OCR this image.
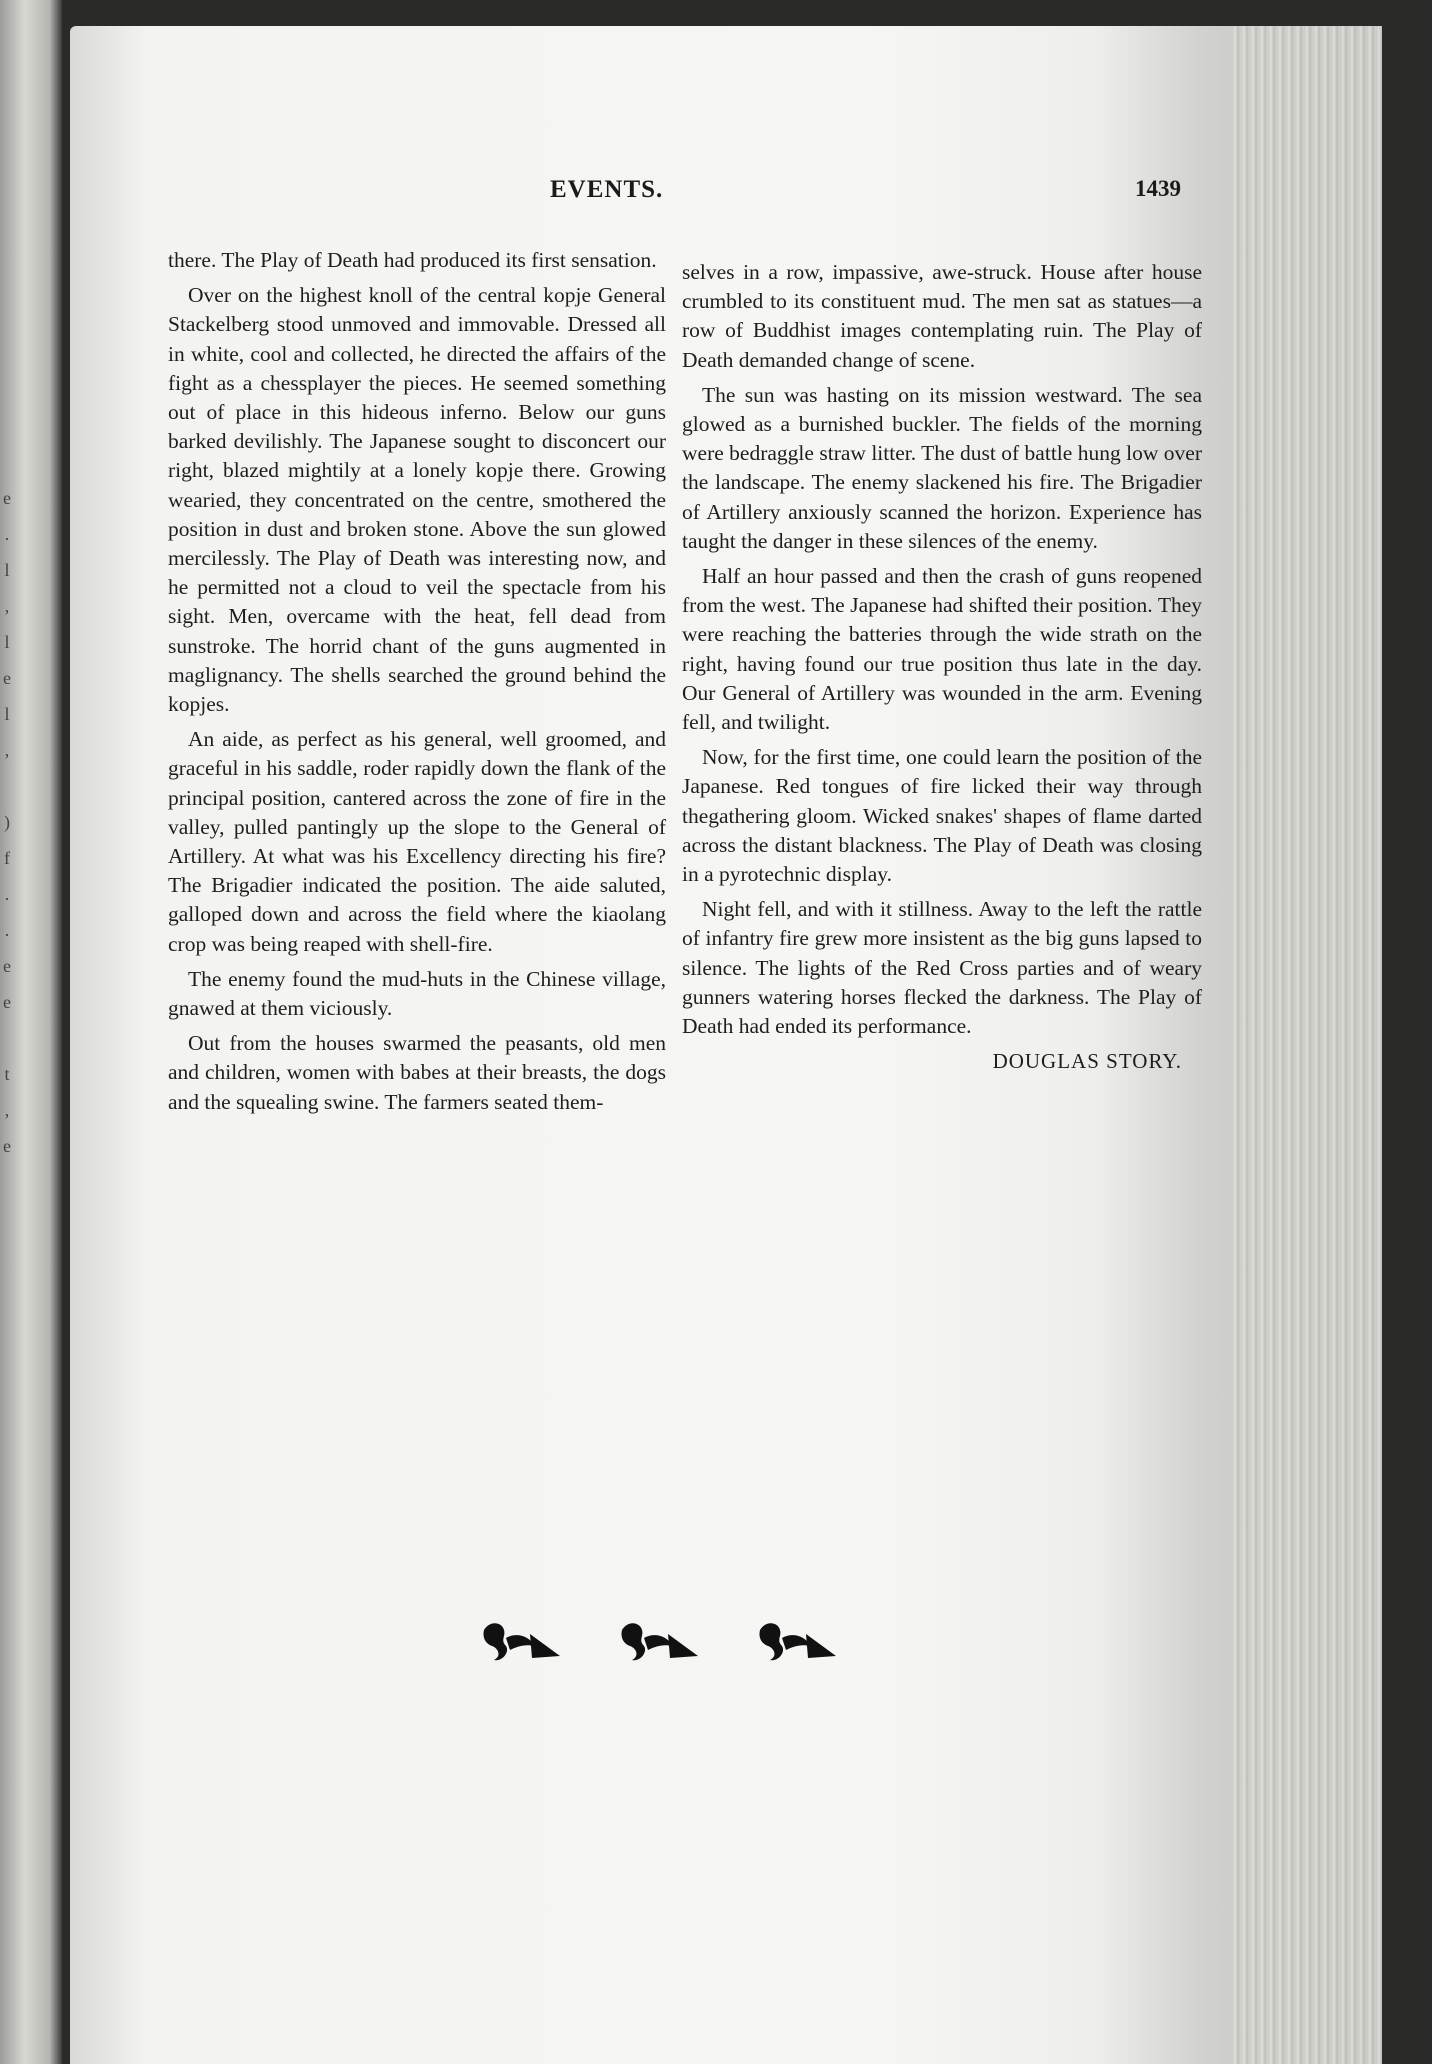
e
.
l
,
l
e
l
,

)
f
.
.
e
e

t
,
e
EVENTS.	1439

there. The Play of Death had produced its first sensation.

Over on the highest knoll of the central kopje General Stackelberg stood unmoved and immovable. Dressed all in white, cool and collected, he directed the affairs of the fight as a chessplayer the pieces. He seemed something out of place in this hideous inferno. Below our guns barked devilishly. The Japanese sought to disconcert our right, blazed mightily at a lonely kopje there. Growing wearied, they concentrated on the centre, smothered the position in dust and broken stone. Above the sun glowed mercilessly. The Play of Death was interesting now, and he permitted not a cloud to veil the spectacle from his sight. Men, overcame with the heat, fell dead from sunstroke. The horrid chant of the guns augmented in maglignancy. The shells searched the ground behind the kopjes.

An aide, as perfect as his general, well groomed, and graceful in his saddle, roder rapidly down the flank of the principal position, cantered across the zone of fire in the valley, pulled pantingly up the slope to the General of Artillery. At what was his Excellency directing his fire? The Brigadier indicated the position. The aide saluted, galloped down and across the field where the kiaolang crop was being reaped with shell-fire.

The enemy found the mud-huts in the Chinese village, gnawed at them viciously.

Out from the houses swarmed the peasants, old men and children, women with babes at their breasts, the dogs and the squealing swine. The farmers seated them-

selves in a row, impassive, awe-struck. House after house crumbled to its constituent mud. The men sat as statues—a row of Buddhist images contemplating ruin. The Play of Death demanded change of scene.

The sun was hasting on its mission westward. The sea glowed as a burnished buckler. The fields of the morning were bedraggle straw litter. The dust of battle hung low over the landscape. The enemy slackened his fire. The Brigadier of Artillery anxiously scanned the horizon. Experience has taught the danger in these silences of the enemy.

Half an hour passed and then the crash of guns reopened from the west. The Japanese had shifted their position. They were reaching the batteries through the wide strath on the right, having found our true position thus late in the day. Our General of Artillery was wounded in the arm. Evening fell, and twilight.

Now, for the first time, one could learn the position of the Japanese. Red tongues of fire licked their way through thegathering gloom. Wicked snakes' shapes of flame darted across the distant blackness. The Play of Death was closing in a pyrotechnic display.

Night fell, and with it stillness. Away to the left the rattle of infantry fire grew more insistent as the big guns lapsed to silence. The lights of the Red Cross parties and of weary gunners watering horses flecked the darkness. The Play of Death had ended its performance.

DOUGLAS STORY.
